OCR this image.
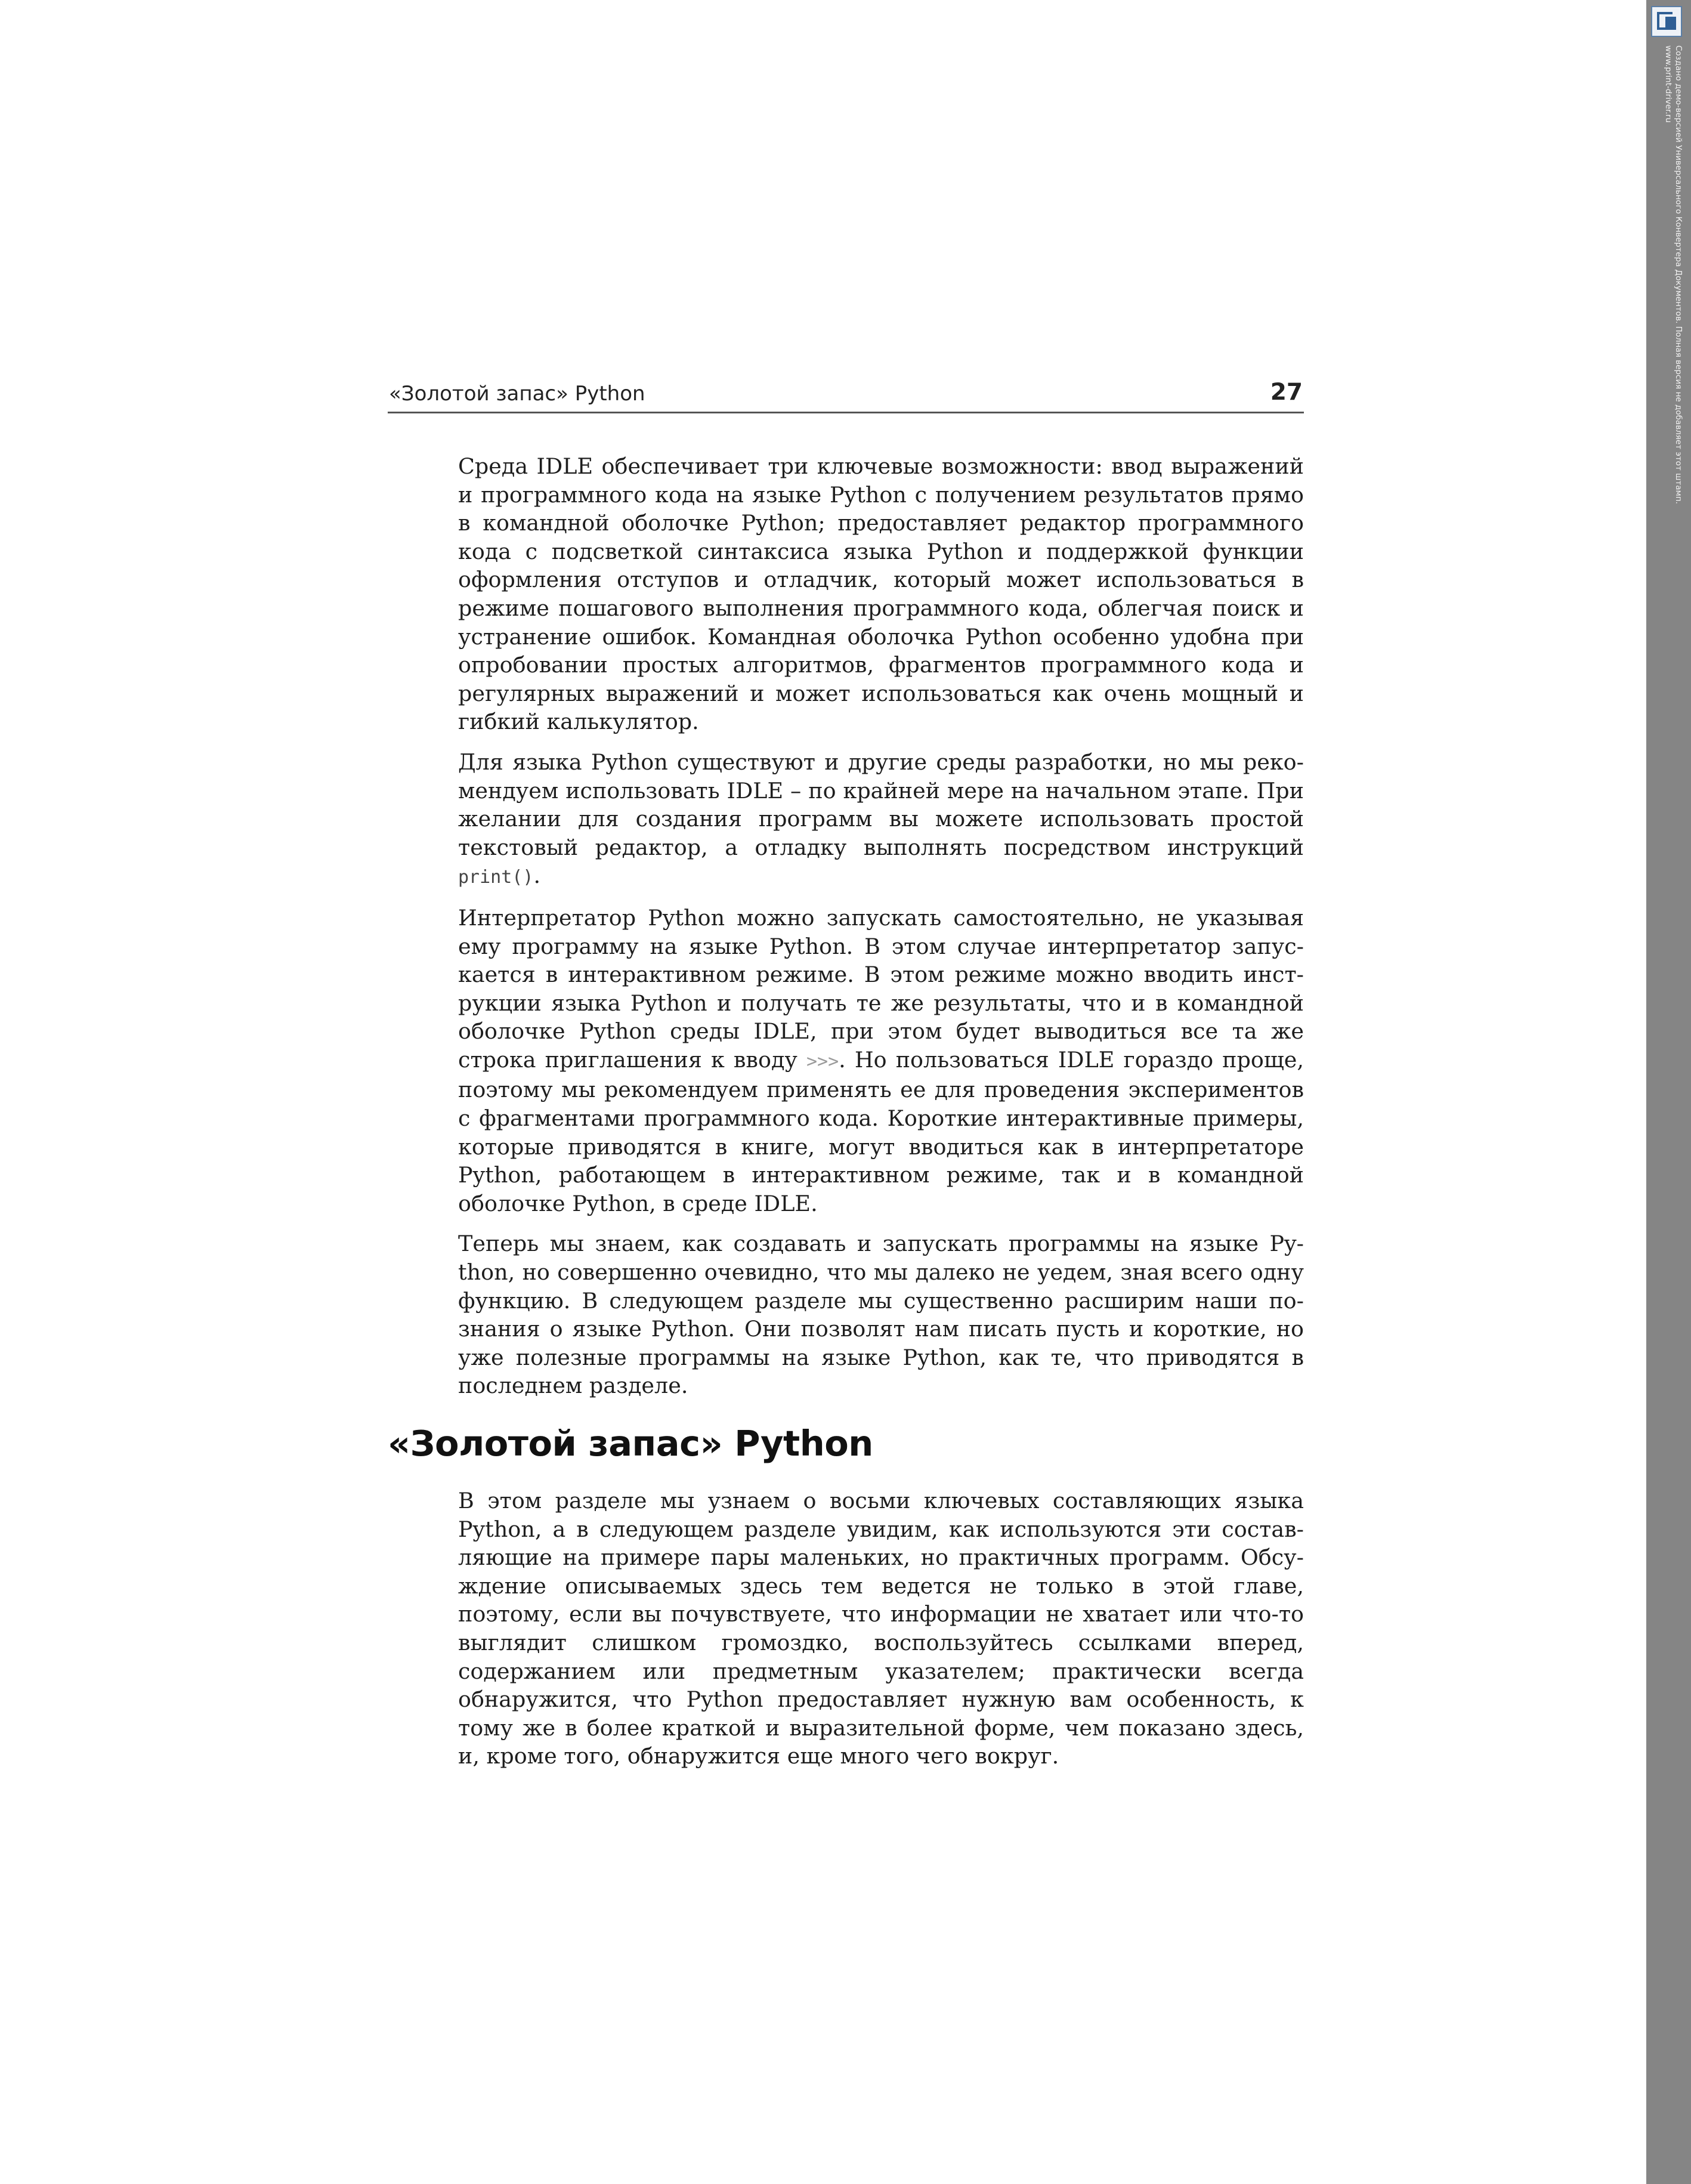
«Золотой запас» Python	27

Среда IDLE обеспечивает три ключевые возможности: ввод выражений и программного кода на языке Python с получением результатов прямо в командной оболочке Python; предоставляет редактор программного кода с подсветкой синтаксиса языка Python и поддержкой функции оформления отступов и отладчик, который может использоваться в режиме пошагового выполнения программного кода, облегчая поиск и устранение ошибок. Командная оболочка Python особенно удобна при опробовании простых алгоритмов, фрагментов программного кода и регулярных выражений и может использоваться как очень мощный и гибкий калькулятор.

Для языка Python существуют и другие среды разработки, но мы рекомендуем использовать IDLE – по крайней мере на начальном этапе. При желании для создания программ вы можете использовать простой текстовый редактор, а отладку выполнять посредством инструкций print().

Интерпретатор Python можно запускать самостоятельно, не указывая ему программу на языке Python. В этом случае интерпретатор запускается в интерактивном режиме. В этом режиме можно вводить инструкции языка Python и получать те же результаты, что и в командной оболочке Python среды IDLE, при этом будет выводиться все та же строка приглашения к вводу >>>. Но пользоваться IDLE гораздо проще, поэтому мы рекомендуем применять ее для проведения экспериментов с фрагментами программного кода. Короткие интерактивные примеры, которые приводятся в книге, могут вводиться как в интерпретаторе Python, работающем в интерактивном режиме, так и в командной оболочке Python, в среде IDLE.

Теперь мы знаем, как создавать и запускать программы на языке Python, но совершенно очевидно, что мы далеко не уедем, зная всего одну функцию. В следующем разделе мы существенно расширим наши познания о языке Python. Они позволят нам писать пусть и короткие, но уже полезные программы на языке Python, как те, что приводятся в последнем разделе.

«Золотой запас» Python

В этом разделе мы узнаем о восьми ключевых составляющих языка Python, а в следующем разделе увидим, как используются эти составляющие на примере пары маленьких, но практичных программ. Обсуждение описываемых здесь тем ведется не только в этой главе, поэтому, если вы почувствуете, что информации не хватает или что-то выглядит слишком громоздко, воспользуйтесь ссылками вперед, содержанием или предметным указателем; практически всегда обнаружится, что Python предоставляет нужную вам особенность, к тому же в более краткой и выразительной форме, чем показано здесь, и, кроме того, обнаружится еще много чего вокруг.

Создано демо-версией Универсального Конвертера Документов. Полная версия не добавляет этот штамп.
www.print-driver.ru
